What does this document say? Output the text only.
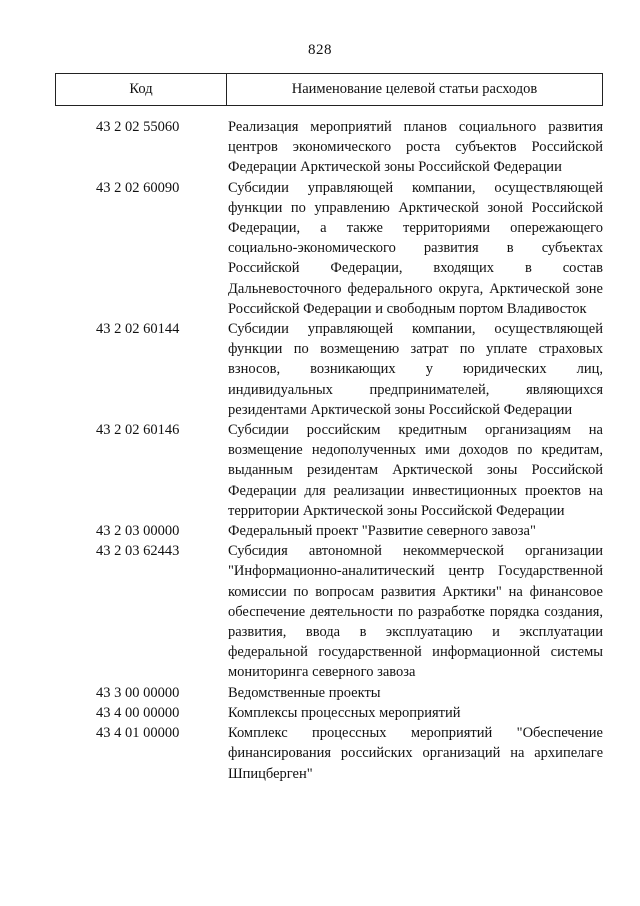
828
Код	Наименование целевой статьи расходов
43 2 02 55060	Реализация мероприятий планов социального развития центров экономического роста субъектов Российской Федерации Арктической зоны Российской Федерации
43 2 02 60090	Субсидии управляющей компании, осуществляющей функции по управлению Арктической зоной Российской Федерации, а также территориями опережающего социально-экономического развития в субъектах Российской Федерации, входящих в состав Дальневосточного федерального округа, Арктической зоне Российской Федерации и свободным портом Владивосток
43 2 02 60144	Субсидии управляющей компании, осуществляющей функции по возмещению затрат по уплате страховых взносов, возникающих у юридических лиц, индивидуальных предпринимателей, являющихся резидентами Арктической зоны Российской Федерации
43 2 02 60146	Субсидии российским кредитным организациям на возмещение недополученных ими доходов по кредитам, выданным резидентам Арктической зоны Российской Федерации для реализации инвестиционных проектов на территории Арктической зоны Российской Федерации
43 2 03 00000	Федеральный проект "Развитие северного завоза"
43 2 03 62443	Субсидия автономной некоммерческой организации "Информационно-аналитический центр Государственной комиссии по вопросам развития Арктики" на финансовое обеспечение деятельности по разработке порядка создания, развития, ввода в эксплуатацию и эксплуатации федеральной государственной информационной системы мониторинга северного завоза
43 3 00 00000	Ведомственные проекты
43 4 00 00000	Комплексы процессных мероприятий
43 4 01 00000	Комплекс процессных мероприятий "Обеспечение финансирования российских организаций на архипелаге Шпицберген"
